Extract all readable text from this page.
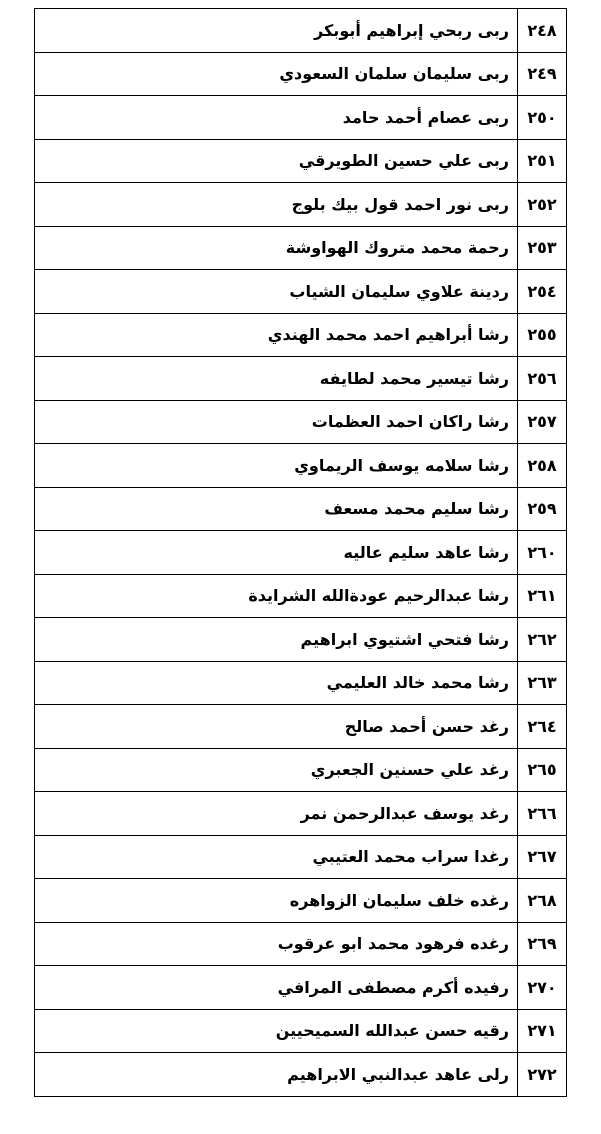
٢٤٨
ربى ربحي إبراهيم أبوبكر
٢٤٩
ربى سليمان سلمان السعودي
٢٥٠
ربى عصام أحمد حامد
٢٥١
ربى علي حسين الطويرقي
٢٥٢
ربى نور احمد قول بيك بلوج
٢٥٣
رحمة محمد متروك الهواوشة
٢٥٤
ردينة علاوي سليمان الشياب
٢٥٥
رشا أبراهيم احمد محمد الهندي
٢٥٦
رشا تيسير محمد لطايفه
٢٥٧
رشا راكان احمد العظمات
٢٥٨
رشا سلامه يوسف الريماوي
٢٥٩
رشا سليم محمد مسعف
٢٦٠
رشا عاهد سليم عاليه
٢٦١
رشا عبدالرحيم عودةالله الشرايدة
٢٦٢
رشا فتحي اشتيوي ابراهيم
٢٦٣
رشا محمد خالد العليمي
٢٦٤
رغد حسن أحمد صالح
٢٦٥
رغد علي حسنين الجعبري
٢٦٦
رغد يوسف عبدالرحمن نمر
٢٦٧
رغدا سراب محمد العتيبي
٢٦٨
رغده خلف سليمان الزواهره
٢٦٩
رغده فرهود محمد ابو عرقوب
٢٧٠
رفيده أكرم مصطفى المرافي
٢٧١
رقيه حسن عبدالله السميحيين
٢٧٢
رلى عاهد عبدالنبي الابراهيم
